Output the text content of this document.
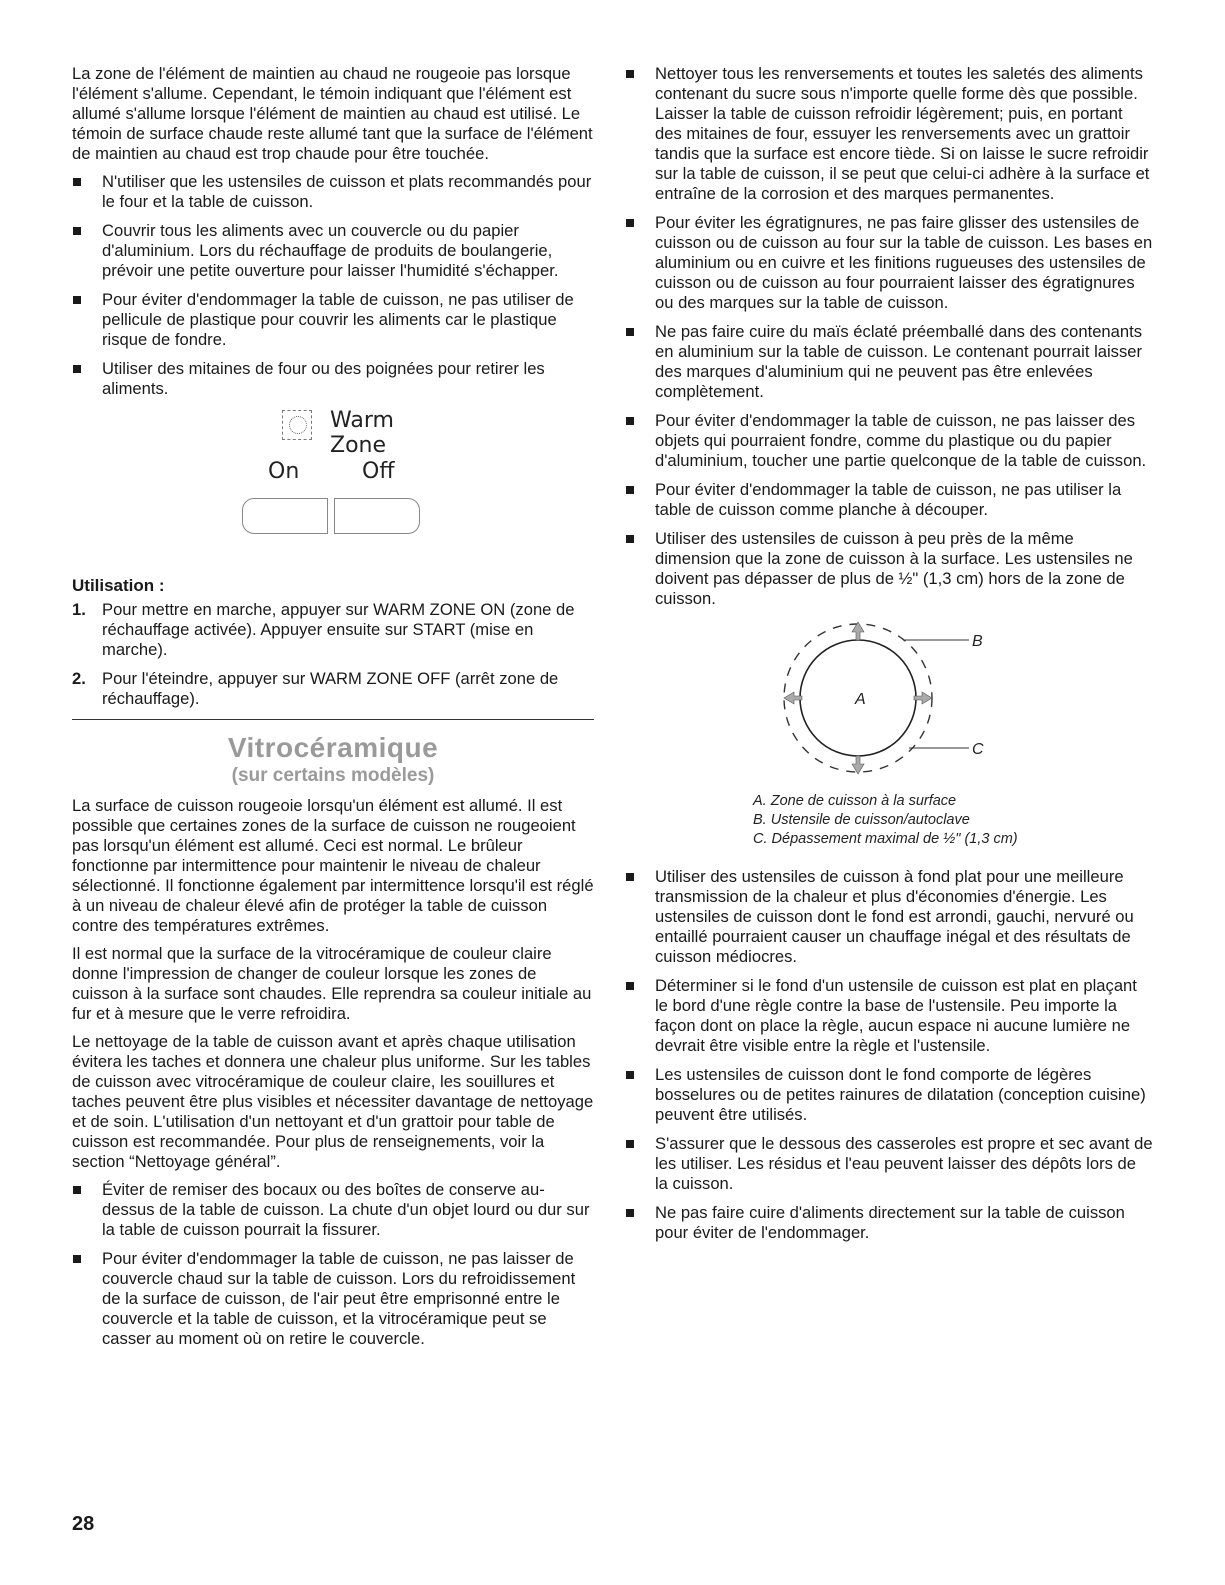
La zone de l'élément de maintien au chaud ne rougeoie pas lorsque l'élément s'allume. Cependant, le témoin indiquant que l'élément est allumé s'allume lorsque l'élément de maintien au chaud est utilisé. Le témoin de surface chaude reste allumé tant que la surface de l'élément de maintien au chaud est trop chaude pour être touchée.

N'utiliser que les ustensiles de cuisson et plats recommandés pour le four et la table de cuisson.
Couvrir tous les aliments avec un couvercle ou du papier d'aluminium. Lors du réchauffage de produits de boulangerie, prévoir une petite ouverture pour laisser l'humidité s'échapper.
Pour éviter d'endommager la table de cuisson, ne pas utiliser de pellicule de plastique pour couvrir les aliments car le plastique risque de fondre.
Utiliser des mitaines de four ou des poignées pour retirer les aliments.
Warm
Zone
On	Off
Utilisation :
1. Pour mettre en marche, appuyer sur WARM ZONE ON (zone de réchauffage activée). Appuyer ensuite sur START (mise en marche).
2. Pour l'éteindre, appuyer sur WARM ZONE OFF (arrêt zone de réchauffage).
Vitrocéramique
(sur certains modèles)

La surface de cuisson rougeoie lorsqu'un élément est allumé. Il est possible que certaines zones de la surface de cuisson ne rougeoient pas lorsqu'un élément est allumé. Ceci est normal. Le brûleur fonctionne par intermittence pour maintenir le niveau de chaleur sélectionné. Il fonctionne également par intermittence lorsqu'il est réglé à un niveau de chaleur élevé afin de protéger la table de cuisson contre des températures extrêmes.

Il est normal que la surface de la vitrocéramique de couleur claire donne l'impression de changer de couleur lorsque les zones de cuisson à la surface sont chaudes. Elle reprendra sa couleur initiale au fur et à mesure que le verre refroidira.

Le nettoyage de la table de cuisson avant et après chaque utilisation évitera les taches et donnera une chaleur plus uniforme. Sur les tables de cuisson avec vitrocéramique de couleur claire, les souillures et taches peuvent être plus visibles et nécessiter davantage de nettoyage et de soin. L'utilisation d'un nettoyant et d'un grattoir pour table de cuisson est recommandée. Pour plus de renseignements, voir la section “Nettoyage général”.

Éviter de remiser des bocaux ou des boîtes de conserve au-dessus de la table de cuisson. La chute d'un objet lourd ou dur sur la table de cuisson pourrait la fissurer.
Pour éviter d'endommager la table de cuisson, ne pas laisser de couvercle chaud sur la table de cuisson. Lors du refroidissement de la surface de cuisson, de l'air peut être emprisonné entre le couvercle et la table de cuisson, et la vitrocéramique peut se casser au moment où on retire le couvercle.
Nettoyer tous les renversements et toutes les saletés des aliments contenant du sucre sous n'importe quelle forme dès que possible. Laisser la table de cuisson refroidir légèrement; puis, en portant des mitaines de four, essuyer les renversements avec un grattoir tandis que la surface est encore tiède. Si on laisse le sucre refroidir sur la table de cuisson, il se peut que celui-ci adhère à la surface et entraîne de la corrosion et des marques permanentes.
Pour éviter les égratignures, ne pas faire glisser des ustensiles de cuisson ou de cuisson au four sur la table de cuisson. Les bases en aluminium ou en cuivre et les finitions rugueuses des ustensiles de cuisson ou de cuisson au four pourraient laisser des égratignures ou des marques sur la table de cuisson.
Ne pas faire cuire du maïs éclaté préemballé dans des contenants en aluminium sur la table de cuisson. Le contenant pourrait laisser des marques d'aluminium qui ne peuvent pas être enlevées complètement.
Pour éviter d'endommager la table de cuisson, ne pas laisser des objets qui pourraient fondre, comme du plastique ou du papier d'aluminium, toucher une partie quelconque de la table de cuisson.
Pour éviter d'endommager la table de cuisson, ne pas utiliser la table de cuisson comme planche à découper.
Utiliser des ustensiles de cuisson à peu près de la même dimension que la zone de cuisson à la surface. Les ustensiles ne doivent pas dépasser de plus de ½" (1,3 cm) hors de la zone de cuisson.
A
B
C
A. Zone de cuisson à la surface
B. Ustensile de cuisson/autoclave
C. Dépassement maximal de ½" (1,3 cm)
Utiliser des ustensiles de cuisson à fond plat pour une meilleure transmission de la chaleur et plus d'économies d'énergie. Les ustensiles de cuisson dont le fond est arrondi, gauchi, nervuré ou entaillé pourraient causer un chauffage inégal et des résultats de cuisson médiocres.
Déterminer si le fond d'un ustensile de cuisson est plat en plaçant le bord d'une règle contre la base de l'ustensile. Peu importe la façon dont on place la règle, aucun espace ni aucune lumière ne devrait être visible entre la règle et l'ustensile.
Les ustensiles de cuisson dont le fond comporte de légères bosselures ou de petites rainures de dilatation (conception cuisine) peuvent être utilisés.
S'assurer que le dessous des casseroles est propre et sec avant de les utiliser. Les résidus et l'eau peuvent laisser des dépôts lors de la cuisson.
Ne pas faire cuire d'aliments directement sur la table de cuisson pour éviter de l'endommager.
28
